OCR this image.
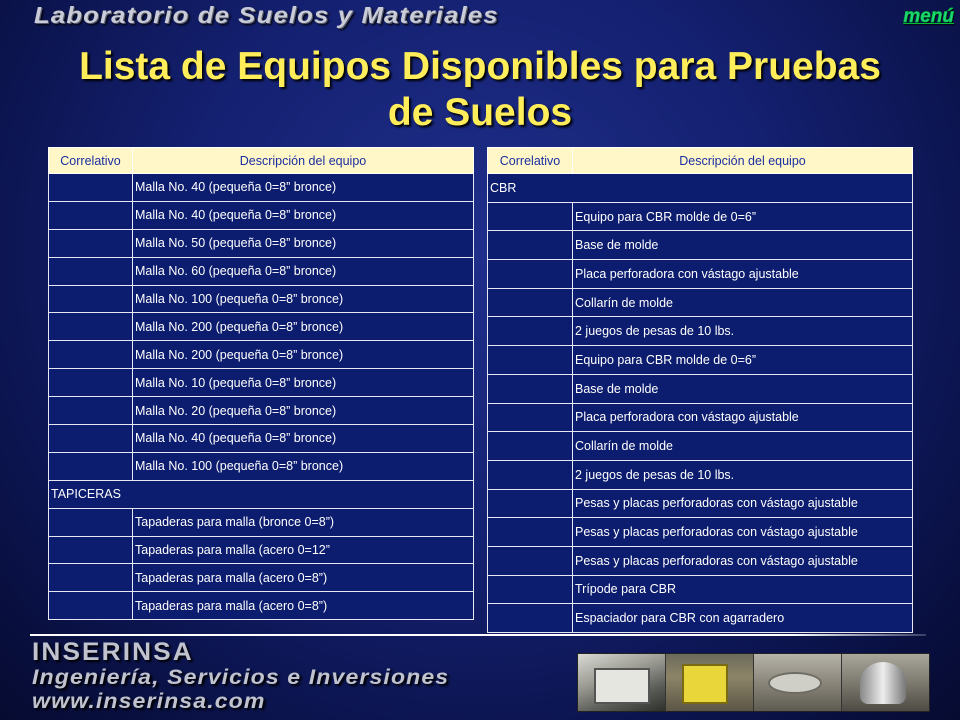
Laboratorio de Suelos y Materiales	menú
Lista de Equipos Disponibles para Pruebas
de Suelos
Correlativo	Descripción del equipo
	Malla No. 40 (pequeña 0=8” bronce)
	Malla No. 40 (pequeña 0=8” bronce)
	Malla No. 50 (pequeña 0=8” bronce)
	Malla No. 60 (pequeña 0=8” bronce)
	Malla No. 100 (pequeña 0=8” bronce)
	Malla No. 200 (pequeña 0=8” bronce)
	Malla No. 200 (pequeña 0=8” bronce)
	Malla No. 10 (pequeña 0=8” bronce)
	Malla No. 20 (pequeña 0=8” bronce)
	Malla No. 40 (pequeña 0=8” bronce)
	Malla No. 100 (pequeña 0=8” bronce)
TAPICERAS	
	Tapaderas para malla (bronce 0=8”)
	Tapaderas para malla (acero 0=12”
	Tapaderas para malla (acero 0=8”)
	Tapaderas para malla (acero 0=8”)
Correlativo	Descripción del equipo
CBR	
	Equipo para CBR molde de 0=6”
	Base de molde
	Placa perforadora con vástago ajustable
	Collarín de molde
	2 juegos de pesas de 10 lbs.
	Equipo para CBR molde de 0=6”
	Base de molde
	Placa perforadora con vástago ajustable
	Collarín de molde
	2 juegos de pesas de 10 lbs.
	Pesas y placas perforadoras con vástago ajustable
	Pesas y placas perforadoras con vástago ajustable
	Pesas y placas perforadoras con vástago ajustable
	Trípode para CBR
	Espaciador para CBR con agarradero
INSERINSA
Ingeniería, Servicios e Inversiones
www.inserinsa.com
